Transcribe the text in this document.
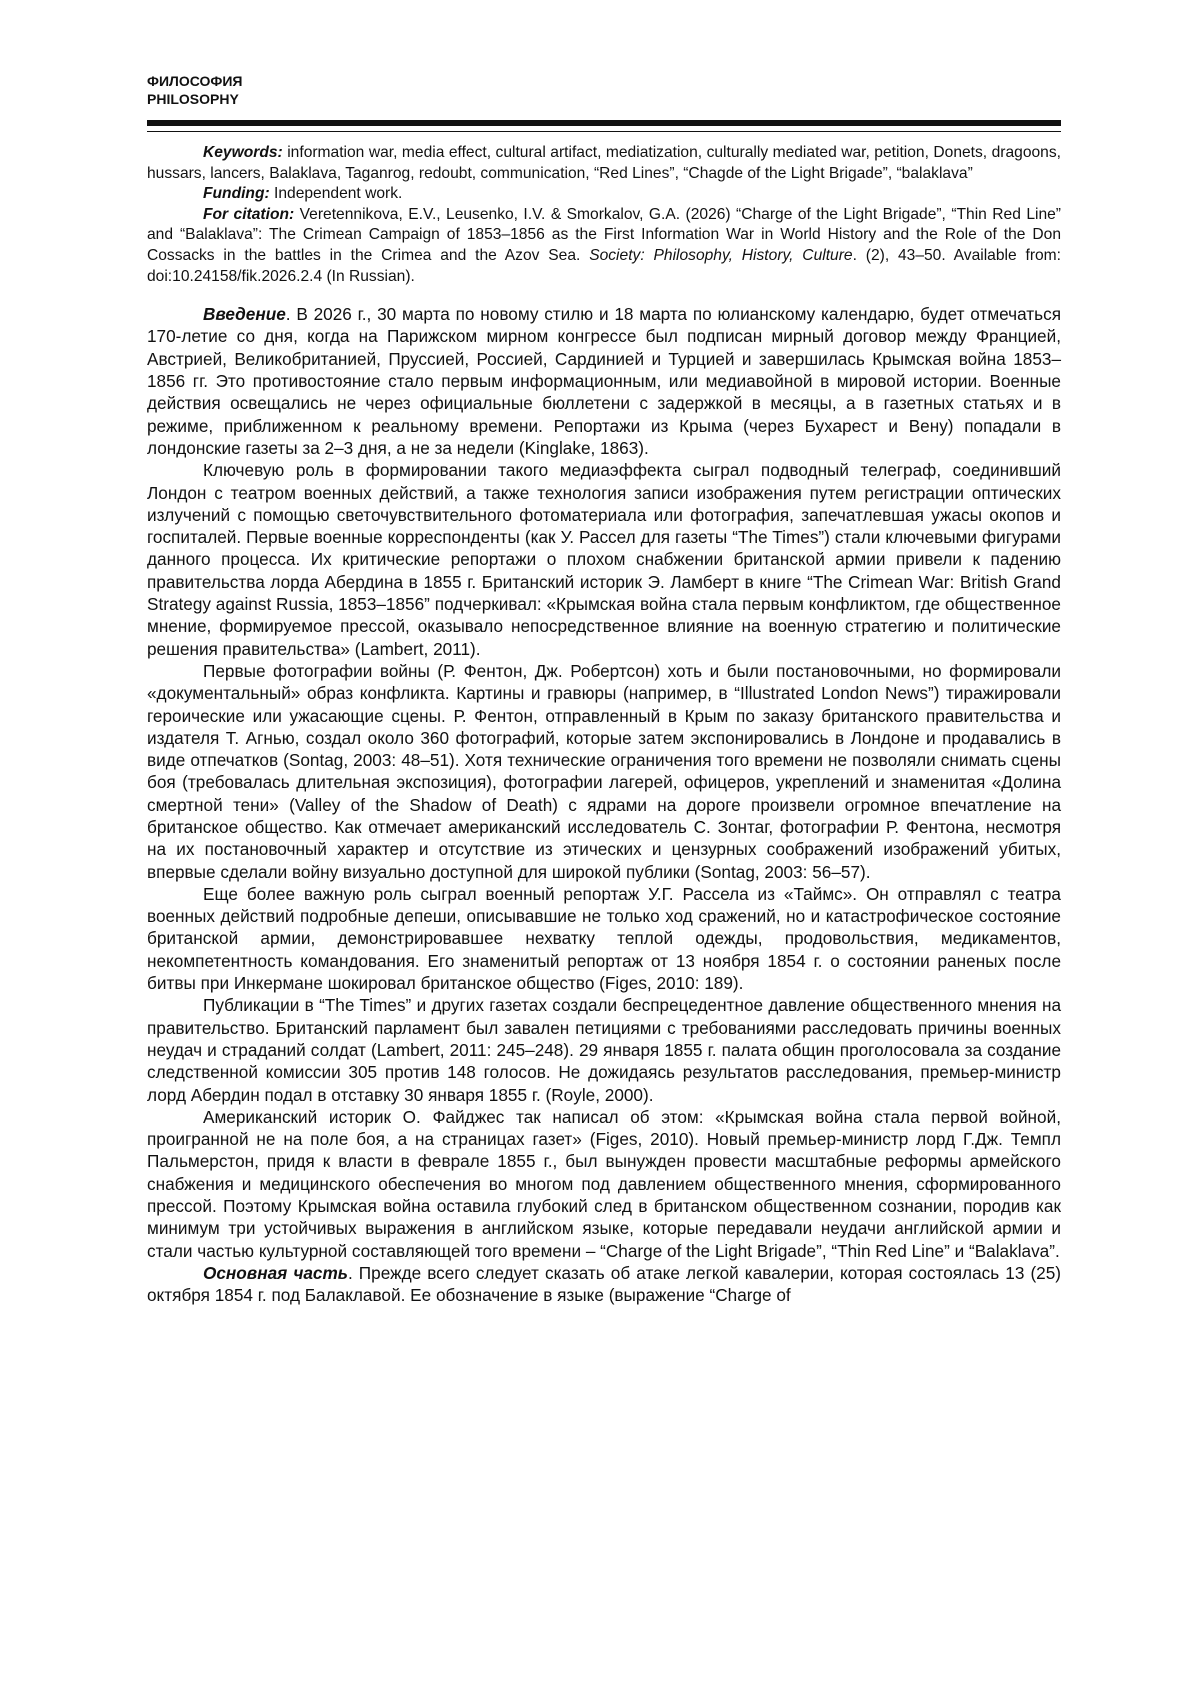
ФИЛОСОФИЯ
PHILOSOPHY

Keywords: information war, media effect, cultural artifact, mediatization, culturally mediated war, petition, Donets, dragoons, hussars, lancers, Balaklava, Taganrog, redoubt, communication, “Red Lines”, “Chagde of the Light Brigade”, “balaklava”

Funding: Independent work.

For citation: Veretennikova, E.V., Leusenko, I.V. & Smorkalov, G.A. (2026) “Charge of the Light Brigade”, “Thin Red Line” and “Balaklava”: The Crimean Campaign of 1853–1856 as the First Information War in World History and the Role of the Don Cossacks in the battles in the Crimea and the Azov Sea. Society: Philosophy, History, Culture. (2), 43–50. Available from: doi:10.24158/fik.2026.2.4 (In Russian).

Введение. В 2026 г., 30 марта по новому стилю и 18 марта по юлианскому календарю, будет отмечаться 170-летие со дня, когда на Парижском мирном конгрессе был подписан мирный договор между Францией, Австрией, Великобританией, Пруссией, Россией, Сардинией и Турцией и завершилась Крымская война 1853–1856 гг. Это противостояние стало первым информационным, или медиавойной в мировой истории. Военные действия освещались не через официальные бюллетени с задержкой в месяцы, а в газетных статьях и в режиме, приближенном к реальному времени. Репортажи из Крыма (через Бухарест и Вену) попадали в лондонские газеты за 2–3 дня, а не за недели (Kinglake, 1863).

Ключевую роль в формировании такого медиаэффекта сыграл подводный телеграф, соединивший Лондон с театром военных действий, а также технология записи изображения путем регистрации оптических излучений с помощью светочувствительного фотоматериала или фотография, запечатлевшая ужасы окопов и госпиталей. Первые военные корреспонденты (как У. Рассел для газеты “The Times”) стали ключевыми фигурами данного процесса. Их критические репортажи о плохом снабжении британской армии привели к падению правительства лорда Абердина в 1855 г. Британский историк Э. Ламберт в книге “The Crimean War: British Grand Strategy against Russia, 1853–1856” подчеркивал: «Крымская война стала первым конфликтом, где общественное мнение, формируемое прессой, оказывало непосредственное влияние на военную стратегию и политические решения правительства» (Lambert, 2011).

Первые фотографии войны (Р. Фентон, Дж. Робертсон) хоть и были постановочными, но формировали «документальный» образ конфликта. Картины и гравюры (например, в “Illustrated London News”) тиражировали героические или ужасающие сцены. Р. Фентон, отправленный в Крым по заказу британского правительства и издателя Т. Агнью, создал около 360 фотографий, которые затем экспонировались в Лондоне и продавались в виде отпечатков (Sontag, 2003: 48–51). Хотя технические ограничения того времени не позволяли снимать сцены боя (требовалась длительная экспозиция), фотографии лагерей, офицеров, укреплений и знаменитая «Долина смертной тени» (Valley of the Shadow of Death) с ядрами на дороге произвели огромное впечатление на британское общество. Как отмечает американский исследователь С. Зонтаг, фотографии Р. Фентона, несмотря на их постановочный характер и отсутствие из этических и цензурных соображений изображений убитых, впервые сделали войну визуально доступной для широкой публики (Sontag, 2003: 56–57).

Еще более важную роль сыграл военный репортаж У.Г. Рассела из «Таймс». Он отправлял с театра военных действий подробные депеши, описывавшие не только ход сражений, но и катастрофическое состояние британской армии, демонстрировавшее нехватку теплой одежды, продовольствия, медикаментов, некомпетентность командования. Его знаменитый репортаж от 13 ноября 1854 г. о состоянии раненых после битвы при Инкермане шокировал британское общество (Figes, 2010: 189).

Публикации в “The Times” и других газетах создали беспрецедентное давление общественного мнения на правительство. Британский парламент был завален петициями с требованиями расследовать причины военных неудач и страданий солдат (Lambert, 2011: 245–248). 29 января 1855 г. палата общин проголосовала за создание следственной комиссии 305 против 148 голосов. Не дожидаясь результатов расследования, премьер-министр лорд Абердин подал в отставку 30 января 1855 г. (Royle, 2000).

Американский историк О. Файджес так написал об этом: «Крымская война стала первой войной, проигранной не на поле боя, а на страницах газет» (Figes, 2010). Новый премьер-министр лорд Г.Дж. Темпл Пальмерстон, придя к власти в феврале 1855 г., был вынужден провести масштабные реформы армейского снабжения и медицинского обеспечения во многом под давлением общественного мнения, сформированного прессой. Поэтому Крымская война оставила глубокий след в британском общественном сознании, породив как минимум три устойчивых выражения в английском языке, которые передавали неудачи английской армии и стали частью культурной составляющей того времени – “Charge of the Light Brigade”, “Thin Red Line” и “Balaklava”.

Основная часть. Прежде всего следует сказать об атаке легкой кавалерии, которая состоялась 13 (25) октября 1854 г. под Балаклавой. Ее обозначение в языке (выражение “Charge of
